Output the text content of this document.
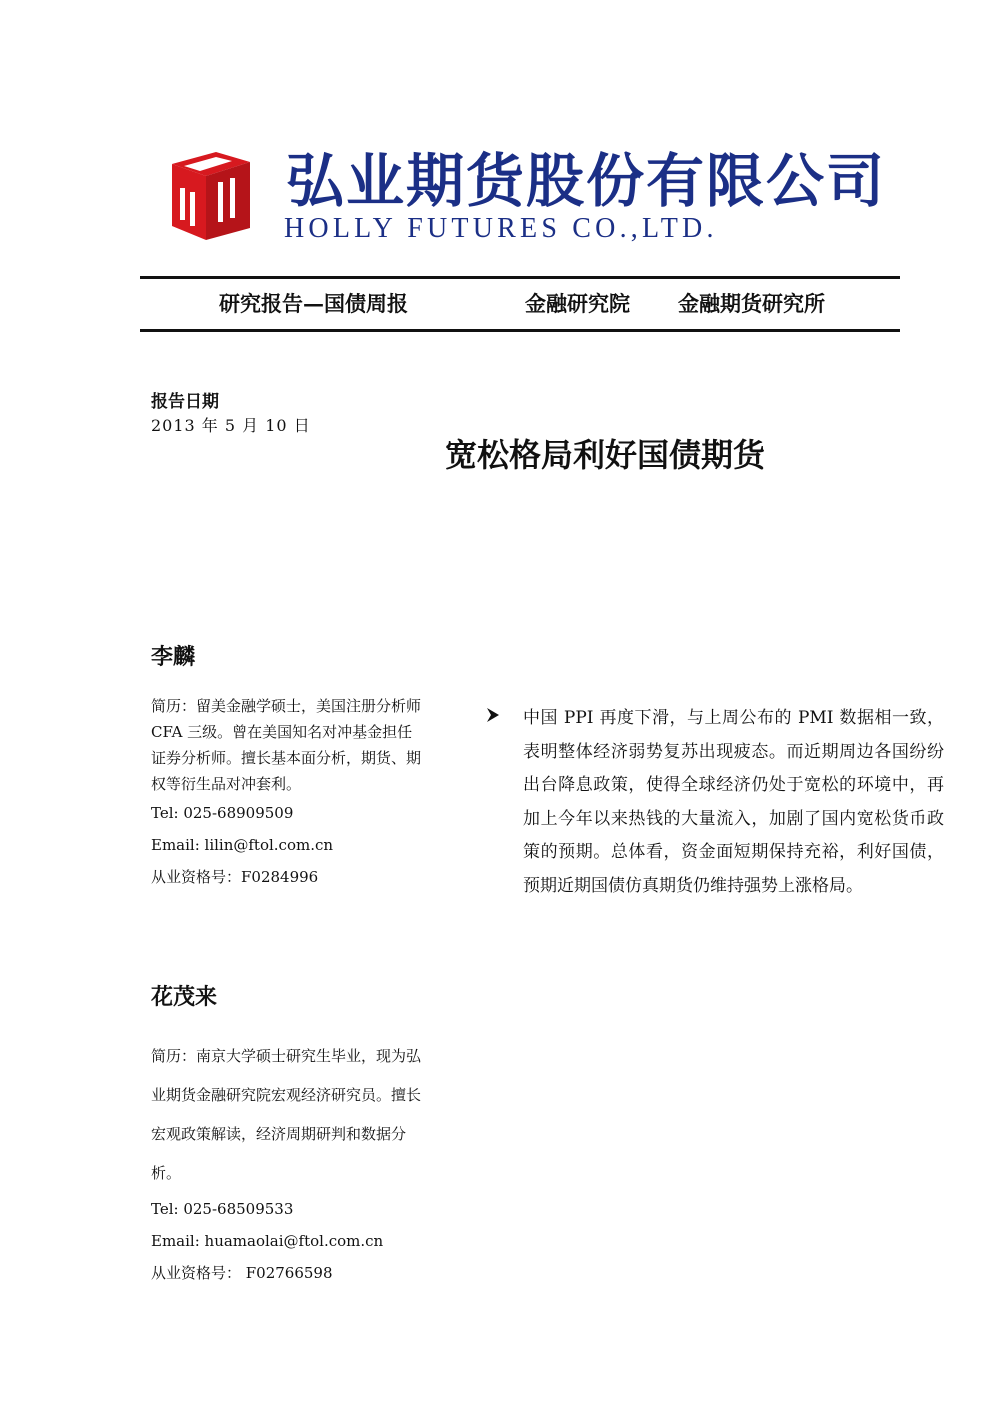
弘业期货股份有限公司
HOLLY FUTURES CO.,LTD.
研究报告—国债周报	金融研究院 金融期货研究所
报告日期
2013 年 5 月 10 日
宽松格局利好国债期货

李麟

简历：留美金融学硕士，美国注册分析师 CFA 三级。曾在美国知名对冲基金担任证券分析师。擅长基本面分析，期货、期权等衍生品对冲套利。

Tel: 025-68909509

Email: lilin@ftol.com.cn

从业资格号：F0284996

花茂来

简历：南京大学硕士研究生毕业，现为弘业期货金融研究院宏观经济研究员。擅长宏观政策解读，经济周期研判和数据分析。

Tel: 025-68509533

Email: huamaolai@ftol.com.cn

从业资格号： F02766598

中国 PPI 再度下滑，与上周公布的 PMI 数据相一致，表明整体经济弱势复苏出现疲态。而近期周边各国纷纷出台降息政策，使得全球经济仍处于宽松的环境中，再加上今年以来热钱的大量流入，加剧了国内宽松货币政策的预期。总体看，资金面短期保持充裕，利好国债，预期近期国债仿真期货仍维持强势上涨格局。
